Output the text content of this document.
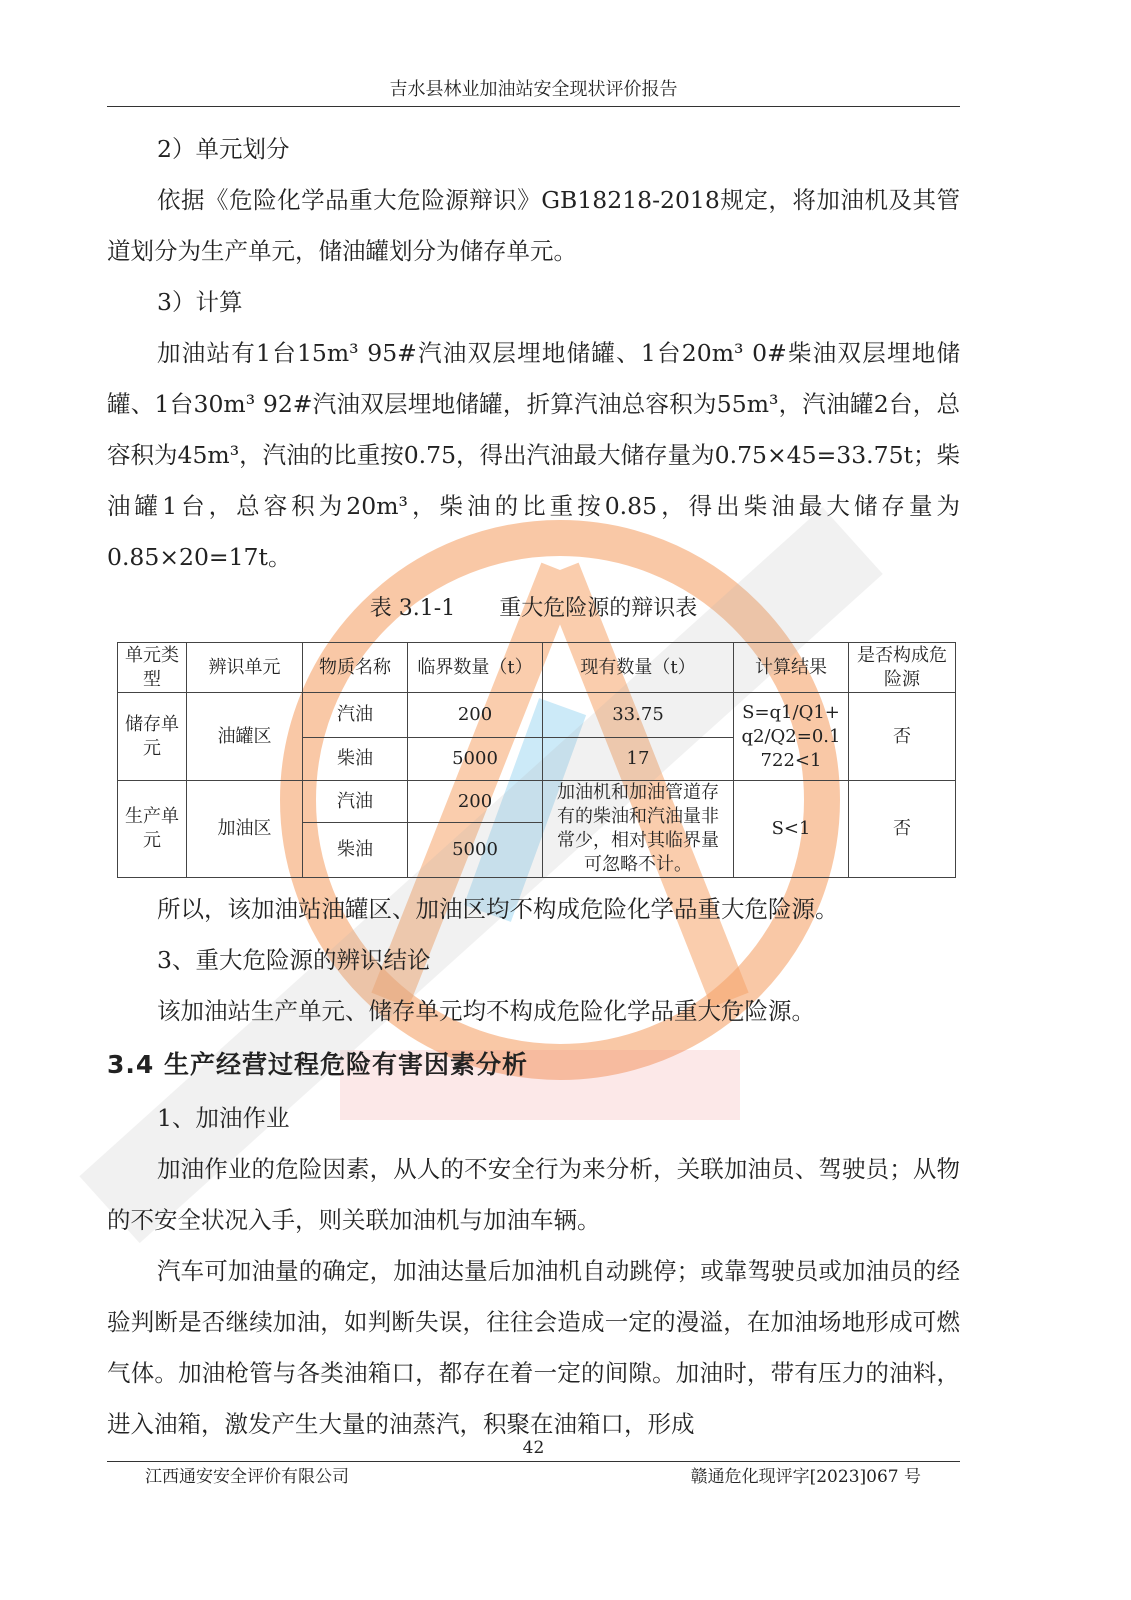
吉水县林业加油站安全现状评价报告

2）单元划分

依据《危险化学品重大危险源辩识》GB18218-2018规定，将加油机及其管道划分为生产单元，储油罐划分为储存单元。

3）计算

加油站有1台15m³ 95#汽油双层埋地储罐、1台20m³ 0#柴油双层埋地储罐、1台30m³ 92#汽油双层埋地储罐，折算汽油总容积为55m³，汽油罐2台，总容积为45m³，汽油的比重按0.75，得出汽油最大储存量为0.75×45=33.75t；柴油罐1台，总容积为20m³，柴油的比重按0.85，得出柴油最大储存量为0.85×20=17t。

表 3.1-1　　重大危险源的辩识表

单元类型	辨识单元	物质名称	临界数量（t）	现有数量（t）	计算结果	是否构成危险源
储存单元	油罐区	汽油	200	33.75	S=q1/Q1+q2/Q2=0.1722<1	否
		柴油	5000	17		
生产单元	加油区	汽油	200	加油机和加油管道存有的柴油和汽油量非常少，相对其临界量可忽略不计。	S<1	否
		柴油	5000			

所以，该加油站油罐区、加油区均不构成危险化学品重大危险源。

3、重大危险源的辨识结论

该加油站生产单元、储存单元均不构成危险化学品重大危险源。

3.4 生产经营过程危险有害因素分析

1、加油作业

加油作业的危险因素，从人的不安全行为来分析，关联加油员、驾驶员；从物的不安全状况入手，则关联加油机与加油车辆。

汽车可加油量的确定，加油达量后加油机自动跳停；或靠驾驶员或加油员的经验判断是否继续加油，如判断失误，往往会造成一定的漫溢，在加油场地形成可燃气体。加油枪管与各类油箱口，都存在着一定的间隙。加油时，带有压力的油料，进入油箱，激发产生大量的油蒸汽，积聚在油箱口，形成

42
江西通安安全评价有限公司	赣通危化现评字[2023]067 号
